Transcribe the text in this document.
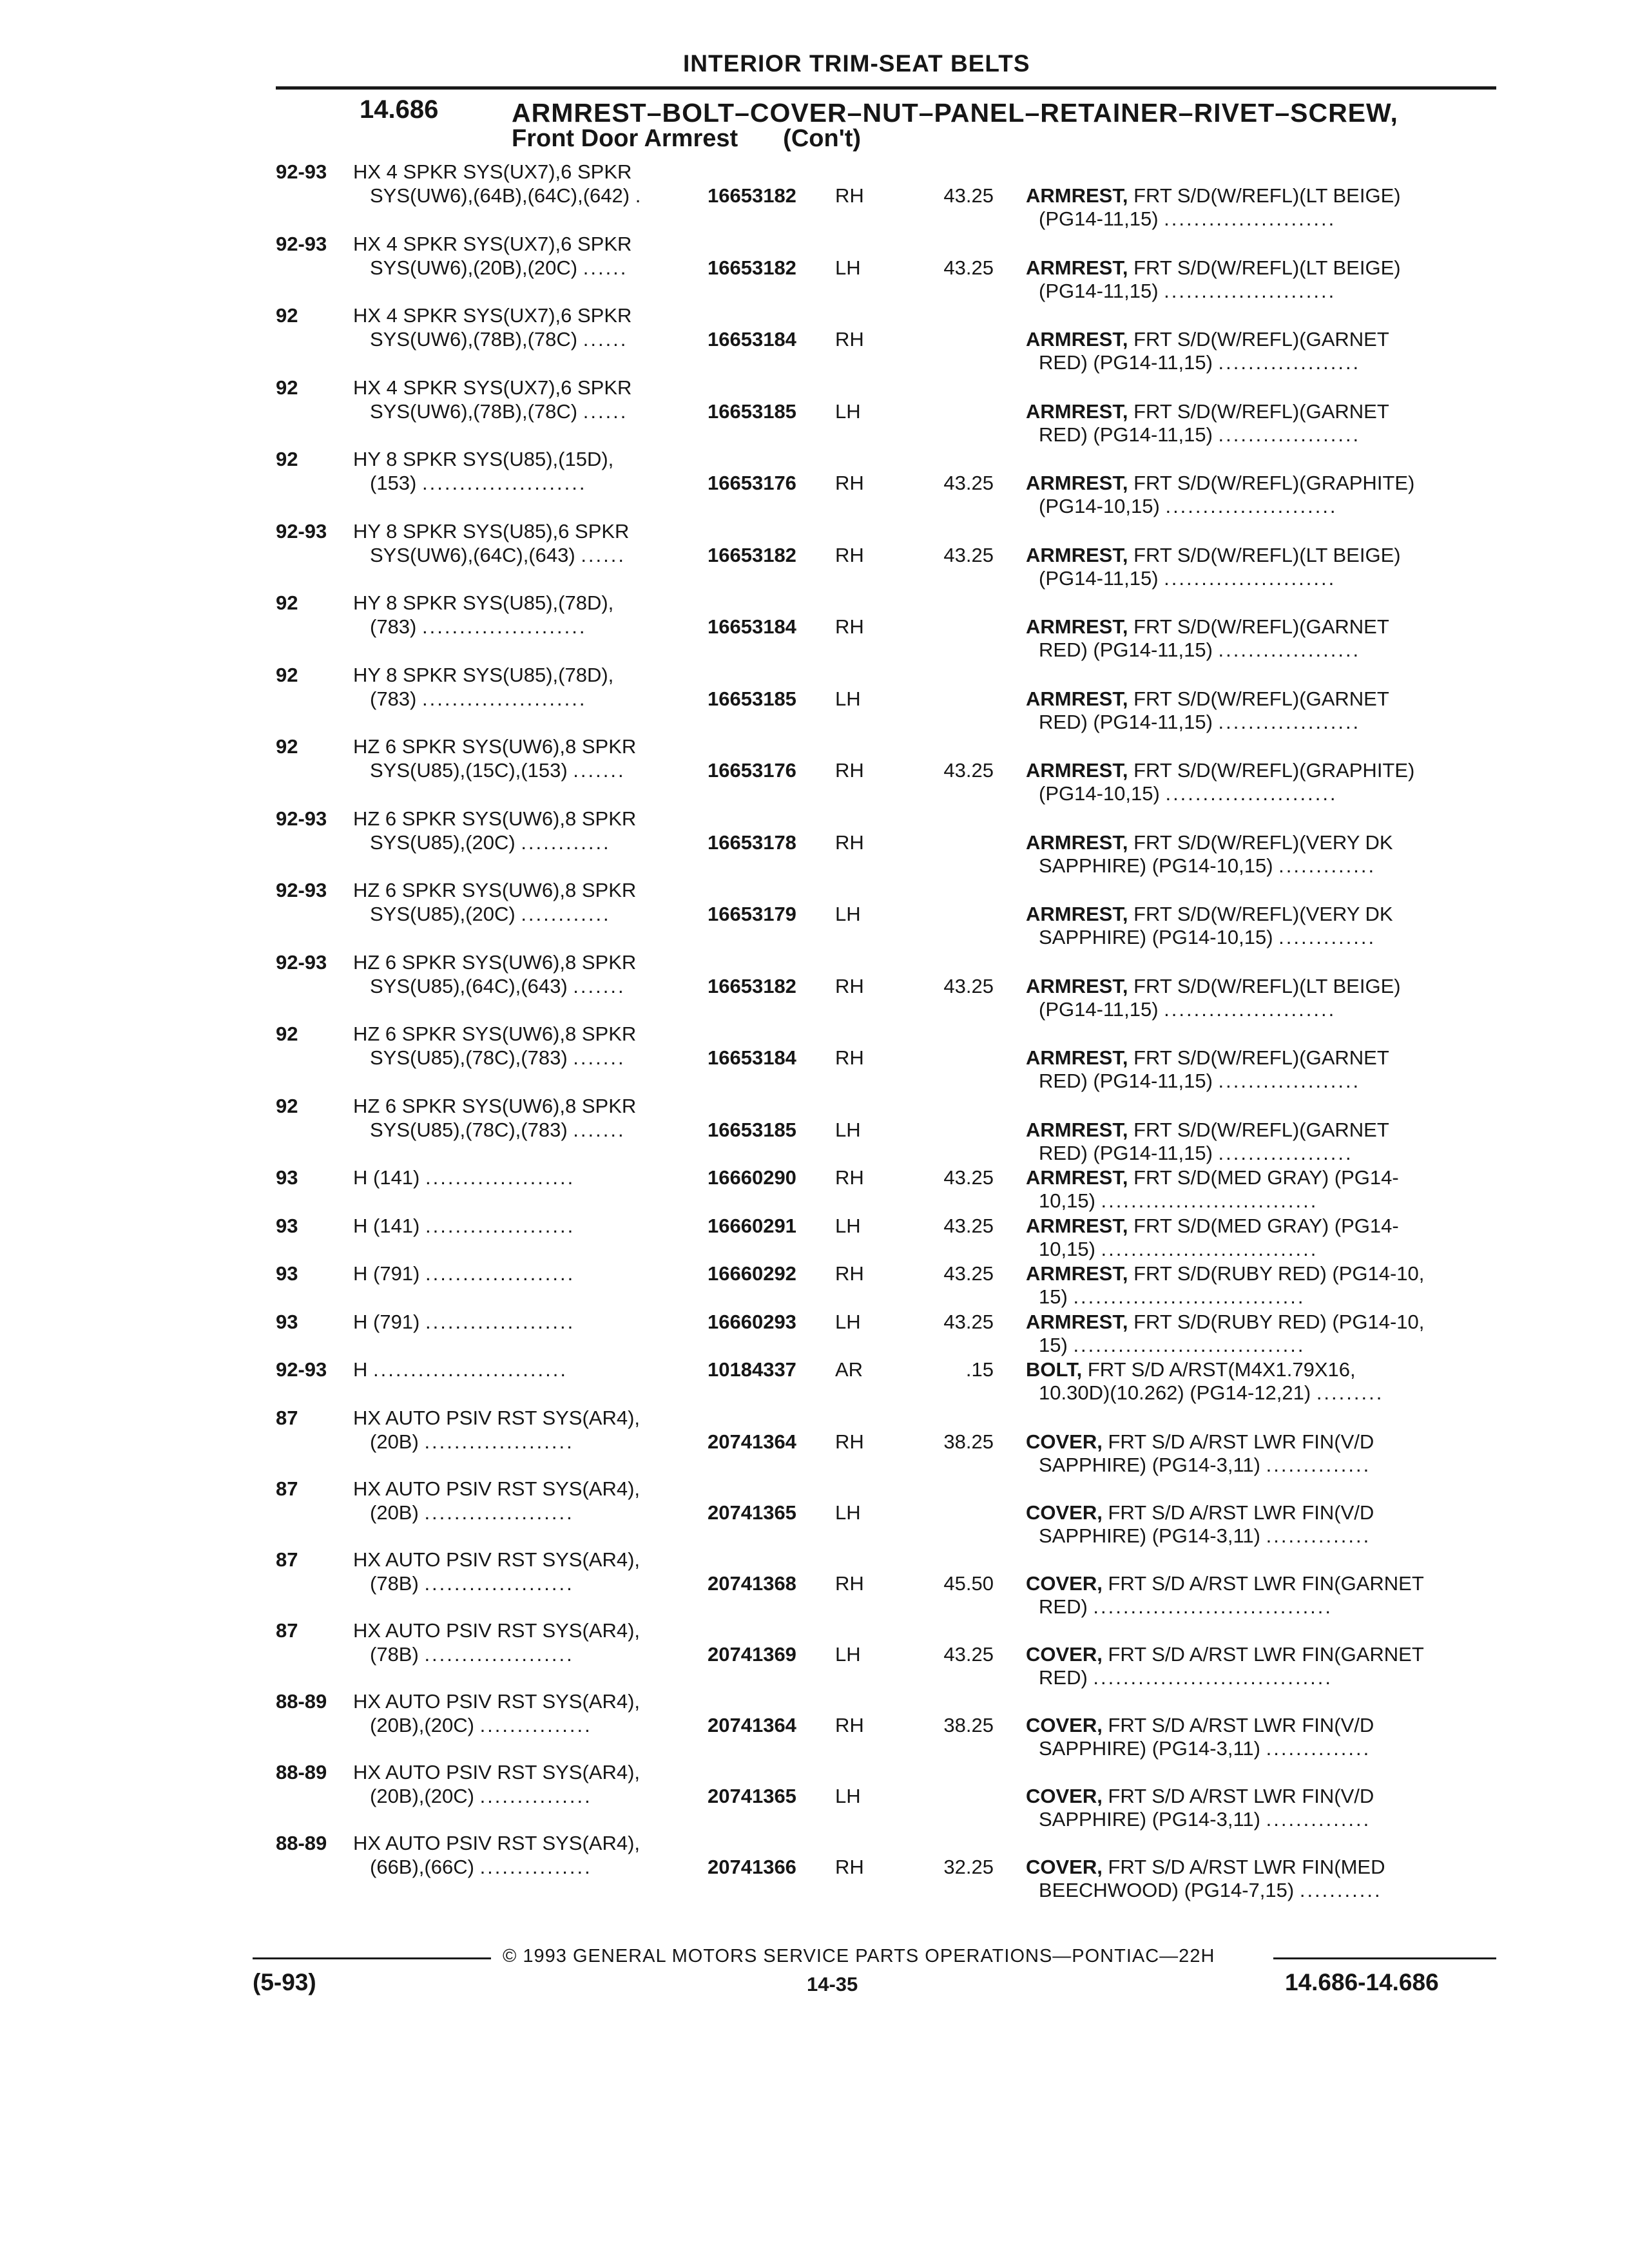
INTERIOR TRIM-SEAT BELTS
14.686	ARMREST–BOLT–COVER–NUT–PANEL–RETAINER–RIVET–SCREW,
Front Door Armrest (Con't)
92-93 HX 4 SPKR SYS(UX7),6 SPKR
SYS(UW6),(64B),(64C),(642) .	16653182 RH	43.25 ARMREST, FRT S/D(W/REFL)(LT BEIGE)
(PG14-11,15) .......................
92-93 HX 4 SPKR SYS(UX7),6 SPKR
SYS(UW6),(20B),(20C) ......	16653182 LH	43.25 ARMREST, FRT S/D(W/REFL)(LT BEIGE)
(PG14-11,15) .......................
92	HX 4 SPKR SYS(UX7),6 SPKR
SYS(UW6),(78B),(78C) ......	16653184 RH	ARMREST, FRT S/D(W/REFL)(GARNET
RED) (PG14-11,15) ...................
92	HX 4 SPKR SYS(UX7),6 SPKR
SYS(UW6),(78B),(78C) ......	16653185 LH	ARMREST, FRT S/D(W/REFL)(GARNET
RED) (PG14-11,15) ...................
92	HY 8 SPKR SYS(U85),(15D),
(153) ......................	16653176 RH	43.25 ARMREST, FRT S/D(W/REFL)(GRAPHITE)
(PG14-10,15) .......................
92-93 HY 8 SPKR SYS(U85),6 SPKR
SYS(UW6),(64C),(643) ......	16653182 RH	43.25 ARMREST, FRT S/D(W/REFL)(LT BEIGE)
(PG14-11,15) .......................
92	HY 8 SPKR SYS(U85),(78D),
(783) ......................	16653184 RH	ARMREST, FRT S/D(W/REFL)(GARNET
RED) (PG14-11,15) ...................
92	HY 8 SPKR SYS(U85),(78D),
(783) ......................	16653185 LH	ARMREST, FRT S/D(W/REFL)(GARNET
RED) (PG14-11,15) ...................
92	HZ 6 SPKR SYS(UW6),8 SPKR
SYS(U85),(15C),(153) .......	16653176 RH	43.25 ARMREST, FRT S/D(W/REFL)(GRAPHITE)
(PG14-10,15) .......................
92-93 HZ 6 SPKR SYS(UW6),8 SPKR
SYS(U85),(20C) ............	16653178 RH	ARMREST, FRT S/D(W/REFL)(VERY DK
SAPPHIRE) (PG14-10,15) .............
92-93 HZ 6 SPKR SYS(UW6),8 SPKR
SYS(U85),(20C) ............	16653179 LH	ARMREST, FRT S/D(W/REFL)(VERY DK
SAPPHIRE) (PG14-10,15) .............
92-93 HZ 6 SPKR SYS(UW6),8 SPKR
SYS(U85),(64C),(643) .......	16653182 RH	43.25 ARMREST, FRT S/D(W/REFL)(LT BEIGE)
(PG14-11,15) .......................
92	HZ 6 SPKR SYS(UW6),8 SPKR
SYS(U85),(78C),(783) .......	16653184 RH	ARMREST, FRT S/D(W/REFL)(GARNET
RED) (PG14-11,15) ...................
92	HZ 6 SPKR SYS(UW6),8 SPKR
SYS(U85),(78C),(783) .......	16653185 LH	ARMREST, FRT S/D(W/REFL)(GARNET
RED) (PG14-11,15) ..................
93	H (141) ....................	16660290 RH	43.25 ARMREST, FRT S/D(MED GRAY) (PG14-
10,15) .............................
93	H (141) ....................	16660291 LH	43.25 ARMREST, FRT S/D(MED GRAY) (PG14-
10,15) .............................
93	H (791) ....................	16660292 RH	43.25 ARMREST, FRT S/D(RUBY RED) (PG14-10,
15) ...............................
93	H (791) ....................	16660293 LH	43.25 ARMREST, FRT S/D(RUBY RED) (PG14-10,
15) ...............................
92-93 H ..........................	10184337 AR	.15 BOLT, FRT S/D A/RST(M4X1.79X16,
10.30D)(10.262) (PG14-12,21) .........
87	HX AUTO PSIV RST SYS(AR4),
(20B) ....................	20741364 RH	38.25 COVER, FRT S/D A/RST LWR FIN(V/D
SAPPHIRE) (PG14-3,11) ..............
87	HX AUTO PSIV RST SYS(AR4),
(20B) ....................	20741365 LH	COVER, FRT S/D A/RST LWR FIN(V/D
SAPPHIRE) (PG14-3,11) ..............
87	HX AUTO PSIV RST SYS(AR4),
(78B) ....................	20741368 RH	45.50 COVER, FRT S/D A/RST LWR FIN(GARNET
RED) ................................
87	HX AUTO PSIV RST SYS(AR4),
(78B) ....................	20741369 LH	43.25 COVER, FRT S/D A/RST LWR FIN(GARNET
RED) ................................
88-89 HX AUTO PSIV RST SYS(AR4),
(20B),(20C) ...............	20741364 RH	38.25 COVER, FRT S/D A/RST LWR FIN(V/D
SAPPHIRE) (PG14-3,11) ..............
88-89 HX AUTO PSIV RST SYS(AR4),
(20B),(20C) ...............	20741365 LH	COVER, FRT S/D A/RST LWR FIN(V/D
SAPPHIRE) (PG14-3,11) ..............
88-89 HX AUTO PSIV RST SYS(AR4),
(66B),(66C) ...............	20741366 RH	32.25 COVER, FRT S/D A/RST LWR FIN(MED
BEECHWOOD) (PG14-7,15) ...........
© 1993 GENERAL MOTORS SERVICE PARTS OPERATIONS—PONTIAC—22H
(5-93)	14-35	14.686-14.686
